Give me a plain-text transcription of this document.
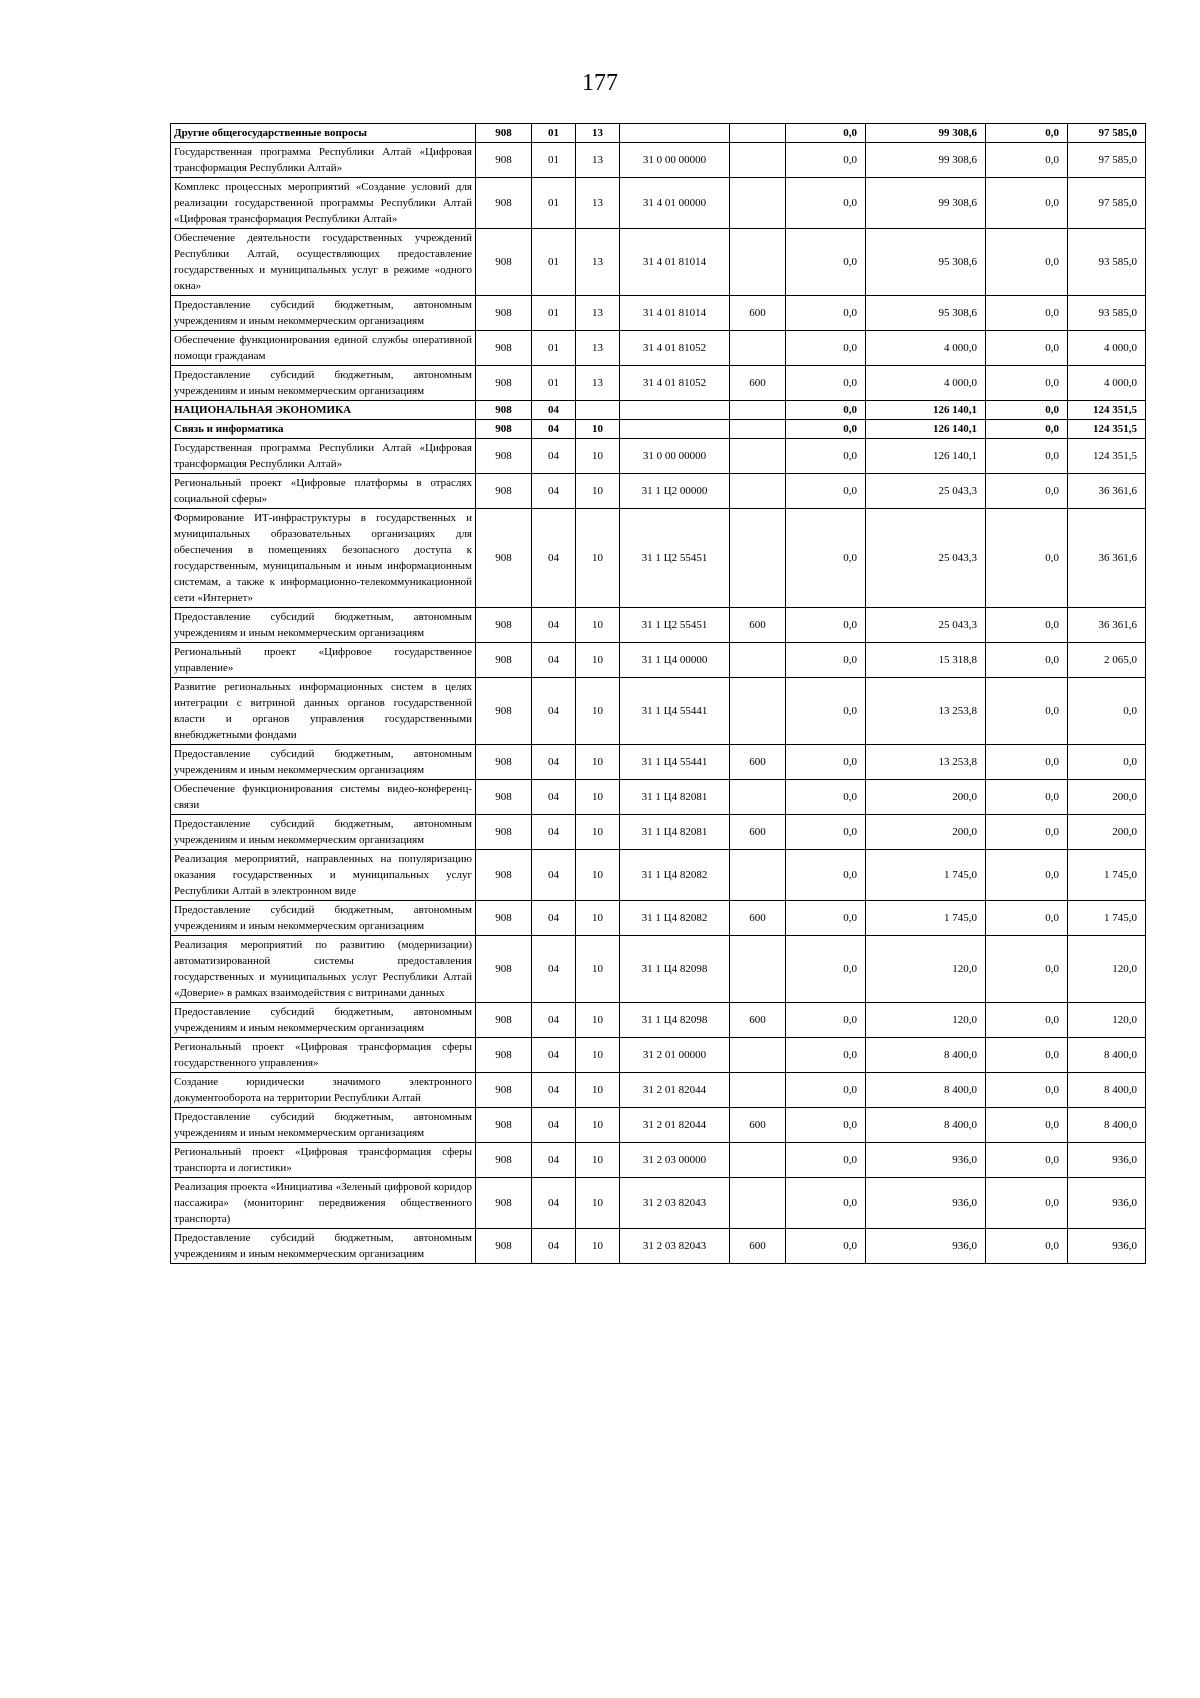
177
Другие общегосударственные вопросы	908	01	13			0,0	99 308,6	0,0	97 585,0
Государственная программа Республики Алтай «Цифровая трансформация Республики Алтай»	908	01	13	31 0 00 00000		0,0	99 308,6	0,0	97 585,0
Комплекс процессных мероприятий «Создание условий для реализации государственной программы Республики Алтай «Цифровая трансформация Республики Алтай»	908	01	13	31 4 01 00000		0,0	99 308,6	0,0	97 585,0
Обеспечение деятельности государственных учреждений Республики Алтай, осуществляющих предоставление государственных и муниципальных услуг в режиме «одного окна»	908	01	13	31 4 01 81014		0,0	95 308,6	0,0	93 585,0
Предоставление субсидий бюджетным, автономным учреждениям и иным некоммерческим организациям	908	01	13	31 4 01 81014	600	0,0	95 308,6	0,0	93 585,0
Обеспечение функционирования единой службы оперативной помощи гражданам	908	01	13	31 4 01 81052		0,0	4 000,0	0,0	4 000,0
Предоставление субсидий бюджетным, автономным учреждениям и иным некоммерческим организациям	908	01	13	31 4 01 81052	600	0,0	4 000,0	0,0	4 000,0
НАЦИОНАЛЬНАЯ ЭКОНОМИКА	908	04				0,0	126 140,1	0,0	124 351,5
Связь и информатика	908	04	10			0,0	126 140,1	0,0	124 351,5
Государственная программа Республики Алтай «Цифровая трансформация Республики Алтай»	908	04	10	31 0 00 00000		0,0	126 140,1	0,0	124 351,5
Региональный проект «Цифровые платформы в отраслях социальной сферы»	908	04	10	31 1 Ц2 00000		0,0	25 043,3	0,0	36 361,6
Формирование ИТ-инфраструктуры в государственных и муниципальных образовательных организациях для обеспечения в помещениях безопасного доступа к государственным, муниципальным и иным информационным системам, а также к информационно-телекоммуникационной сети «Интернет»	908	04	10	31 1 Ц2 55451		0,0	25 043,3	0,0	36 361,6
Предоставление субсидий бюджетным, автономным учреждениям и иным некоммерческим организациям	908	04	10	31 1 Ц2 55451	600	0,0	25 043,3	0,0	36 361,6
Региональный проект «Цифровое государственное управление»	908	04	10	31 1 Ц4 00000		0,0	15 318,8	0,0	2 065,0
Развитие региональных информационных систем в целях интеграции с витриной данных органов государственной власти и органов управления государственными внебюджетными фондами	908	04	10	31 1 Ц4 55441		0,0	13 253,8	0,0	0,0
Предоставление субсидий бюджетным, автономным учреждениям и иным некоммерческим организациям	908	04	10	31 1 Ц4 55441	600	0,0	13 253,8	0,0	0,0
Обеспечение функционирования системы видео-конференц-связи	908	04	10	31 1 Ц4 82081		0,0	200,0	0,0	200,0
Предоставление субсидий бюджетным, автономным учреждениям и иным некоммерческим организациям	908	04	10	31 1 Ц4 82081	600	0,0	200,0	0,0	200,0
Реализация мероприятий, направленных на популяризацию оказания государственных и муниципальных услуг Республики Алтай в электронном виде	908	04	10	31 1 Ц4 82082		0,0	1 745,0	0,0	1 745,0
Предоставление субсидий бюджетным, автономным учреждениям и иным некоммерческим организациям	908	04	10	31 1 Ц4 82082	600	0,0	1 745,0	0,0	1 745,0
Реализация мероприятий по развитию (модернизации) автоматизированной системы предоставления государственных и муниципальных услуг Республики Алтай «Доверие» в рамках взаимодействия с витринами данных	908	04	10	31 1 Ц4 82098		0,0	120,0	0,0	120,0
Предоставление субсидий бюджетным, автономным учреждениям и иным некоммерческим организациям	908	04	10	31 1 Ц4 82098	600	0,0	120,0	0,0	120,0
Региональный проект «Цифровая трансформация сферы государственного управления»	908	04	10	31 2 01 00000		0,0	8 400,0	0,0	8 400,0
Создание юридически значимого электронного документооборота на территории Республики Алтай	908	04	10	31 2 01 82044		0,0	8 400,0	0,0	8 400,0
Предоставление субсидий бюджетным, автономным учреждениям и иным некоммерческим организациям	908	04	10	31 2 01 82044	600	0,0	8 400,0	0,0	8 400,0
Региональный проект «Цифровая трансформация сферы транспорта и логистики»	908	04	10	31 2 03 00000		0,0	936,0	0,0	936,0
Реализация проекта «Инициатива «Зеленый цифровой коридор пассажира» (мониторинг передвижения общественного транспорта)	908	04	10	31 2 03 82043		0,0	936,0	0,0	936,0
Предоставление субсидий бюджетным, автономным учреждениям и иным некоммерческим организациям	908	04	10	31 2 03 82043	600	0,0	936,0	0,0	936,0
